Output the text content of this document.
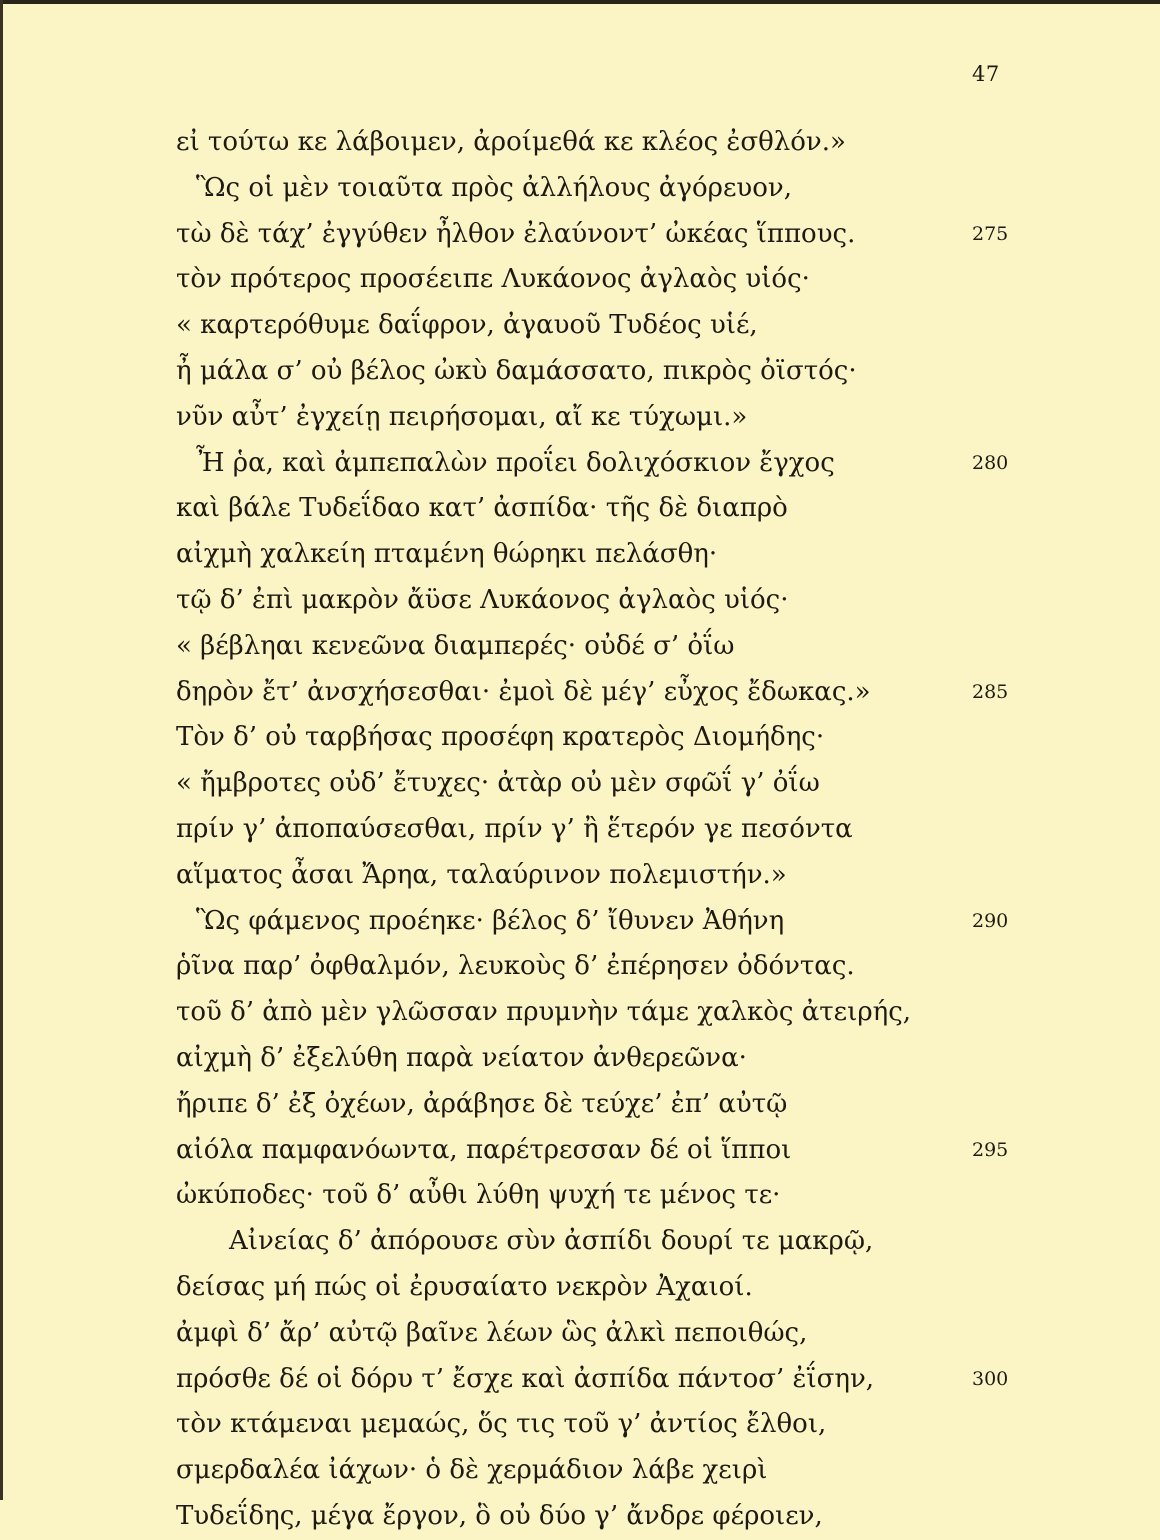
47
εἰ τούτω κε λάβοιμεν, ἀροίμεθά κε κλέος ἐσθλόν.»
Ὣς οἱ μὲν τοιαῦτα πρὸς ἀλλήλους ἀγόρευον,
τὼ δὲ τάχ’ ἐγγύθεν ἦλθον ἐλαύνοντ’ ὠκέας ἵππους.	275
τὸν πρότερος προσέειπε Λυκάονος ἀγλαὸς υἱός·
« καρτερόθυμε δαΐφρον, ἀγαυοῦ Τυδέος υἱέ,
ἦ μάλα σ’ οὐ βέλος ὠκὺ δαμάσσατο, πικρὸς ὀϊστός·
νῦν αὖτ’ ἐγχείῃ πειρήσομαι, αἴ κε τύχωμι.»
Ἦ ῥα, καὶ ἀμπεπαλὼν προΐει δολιχόσκιον ἔγχος	280
καὶ βάλε Τυδεΐδαο κατ’ ἀσπίδα· τῆς δὲ διαπρὸ
αἰχμὴ χαλκείη πταμένη θώρηκι πελάσθη·
τῷ δ’ ἐπὶ μακρὸν ἄϋσε Λυκάονος ἀγλαὸς υἱός·
« βέβληαι κενεῶνα διαμπερές· οὐδέ σ’ ὀΐω
δηρὸν ἔτ’ ἀνσχήσεσθαι· ἐμοὶ δὲ μέγ’ εὖχος ἔδωκας.»	285
Τὸν δ’ οὐ ταρβήσας προσέφη κρατερὸς Διομήδης·
« ἤμβροτες οὐδ’ ἔτυχες· ἀτὰρ οὐ μὲν σφῶΐ γ’ ὀΐω
πρίν γ’ ἀποπαύσεσθαι, πρίν γ’ ἢ ἕτερόν γε πεσόντα
αἵματος ἆσαι Ἄρηα, ταλαύρινον πολεμιστήν.»
Ὣς φάμενος προέηκε· βέλος δ’ ἴθυνεν Ἀθήνη	290
ῥῖνα παρ’ ὀφθαλμόν, λευκοὺς δ’ ἐπέρησεν ὀδόντας.
τοῦ δ’ ἀπὸ μὲν γλῶσσαν πρυμνὴν τάμε χαλκὸς ἀτειρής,
αἰχμὴ δ’ ἐξελύθη παρὰ νείατον ἀνθερεῶνα·
ἤριπε δ’ ἐξ ὀχέων, ἀράβησε δὲ τεύχε’ ἐπ’ αὐτῷ
αἰόλα παμφανόωντα, παρέτρεσσαν δέ οἱ ἵπποι	295
ὠκύποδες· τοῦ δ’ αὖθι λύθη ψυχή τε μένος τε·
Αἰνείας δ’ ἀπόρουσε σὺν ἀσπίδι δουρί τε μακρῷ,
δείσας μή πώς οἱ ἐρυσαίατο νεκρὸν Ἀχαιοί.
ἀμφὶ δ’ ἄρ’ αὐτῷ βαῖνε λέων ὣς ἀλκὶ πεποιθώς,
πρόσθε δέ οἱ δόρυ τ’ ἔσχε καὶ ἀσπίδα πάντοσ’ ἐΐσην,	300
τὸν κτάμεναι μεμαώς, ὅς τις τοῦ γ’ ἀντίος ἔλθοι,
σμερδαλέα ἰάχων· ὁ δὲ χερμάδιον λάβε χειρὶ
Τυδεΐδης, μέγα ἔργον, ὃ οὐ δύο γ’ ἄνδρε φέροιεν,
